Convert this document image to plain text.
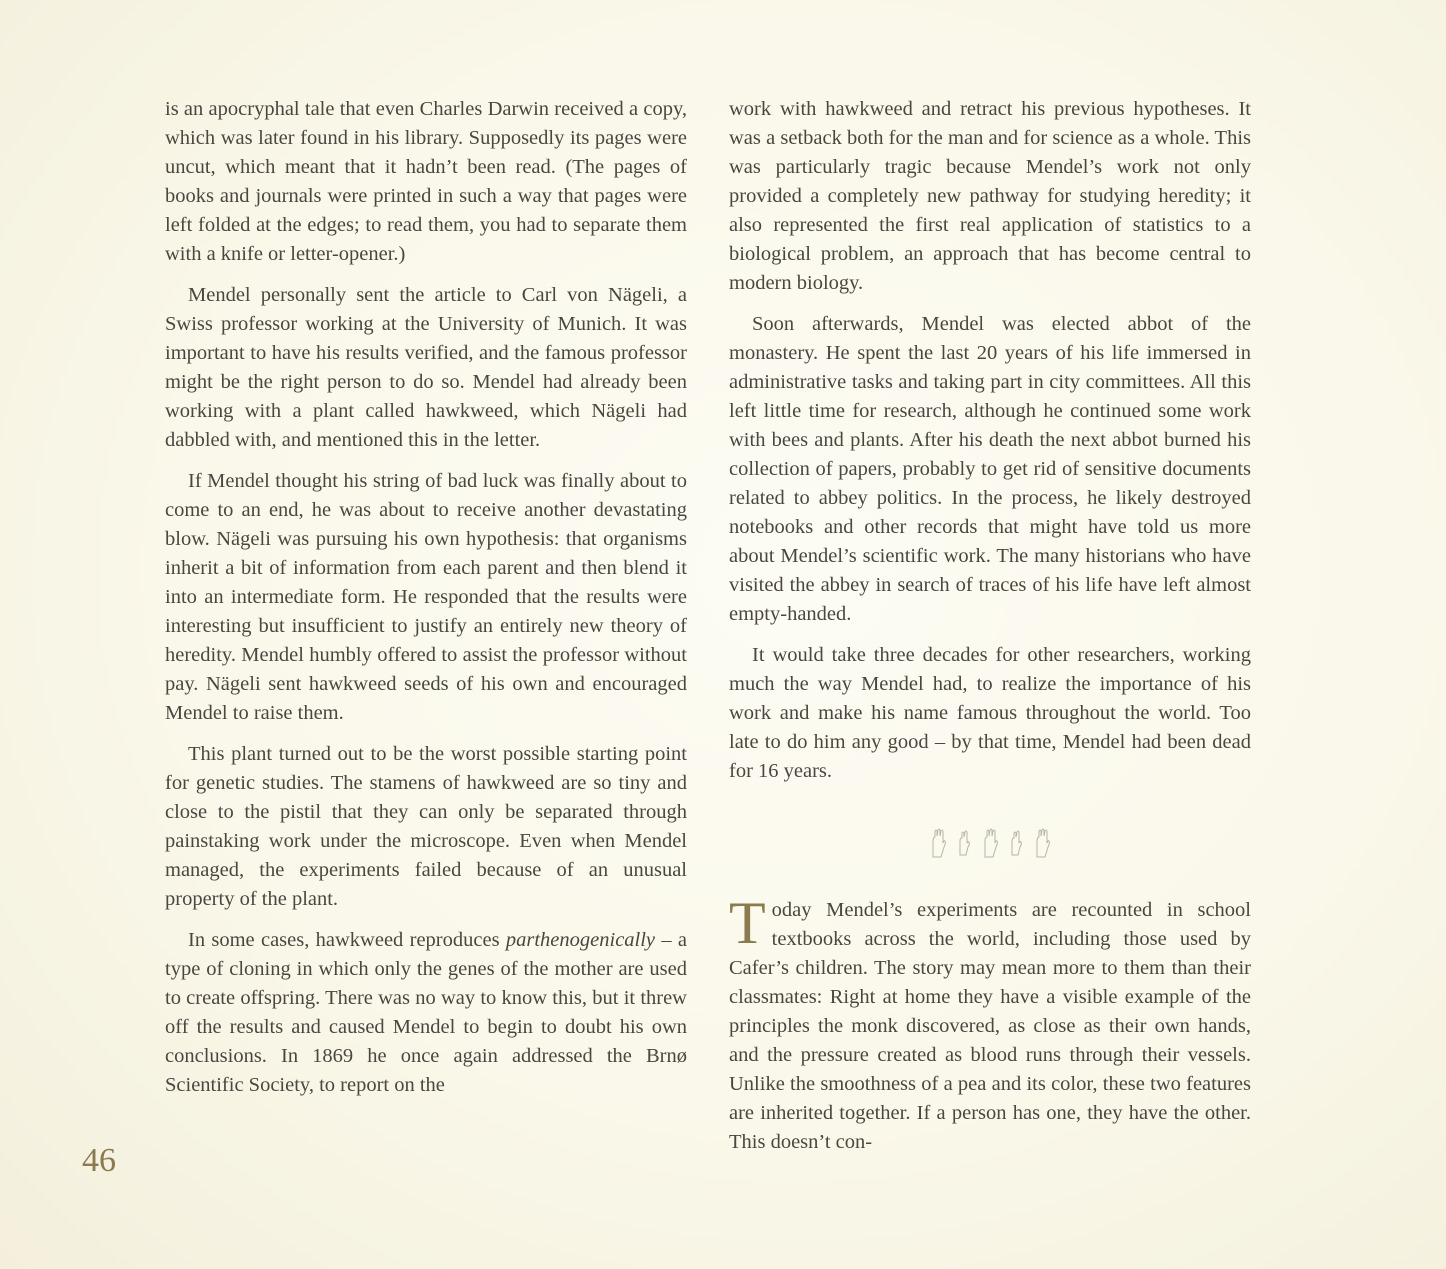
is an apocryphal tale that even Charles Darwin received a copy, which was later found in his library. Supposedly its pages were uncut, which meant that it hadn’t been read. (The pages of books and journals were printed in such a way that pages were left folded at the edges; to read them, you had to separate them with a knife or letter-opener.)

Mendel personally sent the article to Carl von Nägeli, a Swiss professor working at the University of Munich. It was important to have his results verified, and the famous professor might be the right person to do so. Mendel had already been working with a plant called hawkweed, which Nägeli had dabbled with, and mentioned this in the letter.

If Mendel thought his string of bad luck was finally about to come to an end, he was about to receive another devastating blow. Nägeli was pursuing his own hypothesis: that organisms inherit a bit of information from each parent and then blend it into an intermediate form. He responded that the results were interesting but insufficient to justify an entirely new theory of heredity. Mendel humbly offered to assist the professor without pay. Nägeli sent hawkweed seeds of his own and encouraged Mendel to raise them.

This plant turned out to be the worst possible starting point for genetic studies. The stamens of hawkweed are so tiny and close to the pistil that they can only be separated through painstaking work under the microscope. Even when Mendel managed, the experiments failed because of an unusual property of the plant.

In some cases, hawkweed reproduces parthenogenically – a type of cloning in which only the genes of the mother are used to create offspring. There was no way to know this, but it threw off the results and caused Mendel to begin to doubt his own conclusions. In 1869 he once again addressed the Brnø Scientific Society, to report on the

work with hawkweed and retract his previous hypotheses. It was a setback both for the man and for science as a whole. This was particularly tragic because Mendel’s work not only provided a completely new pathway for studying heredity; it also represented the first real application of statistics to a biological problem, an approach that has become central to modern biology.

Soon afterwards, Mendel was elected abbot of the monastery. He spent the last 20 years of his life immersed in administrative tasks and taking part in city committees. All this left little time for research, although he continued some work with bees and plants. After his death the next abbot burned his collection of papers, probably to get rid of sensitive documents related to abbey politics. In the process, he likely destroyed notebooks and other records that might have told us more about Mendel’s scientific work. The many historians who have visited the abbey in search of traces of his life have left almost empty-handed.

It would take three decades for other researchers, working much the way Mendel had, to realize the importance of his work and make his name famous throughout the world. Too late to do him any good – by that time, Mendel had been dead for 16 years.

Today Mendel’s experiments are recounted in school textbooks across the world, including those used by Cafer’s children. The story may mean more to them than their classmates: Right at home they have a visible example of the principles the monk discovered, as close as their own hands, and the pressure created as blood runs through their vessels. Unlike the smoothness of a pea and its color, these two features are inherited together. If a person has one, they have the other. This doesn’t con-

46
